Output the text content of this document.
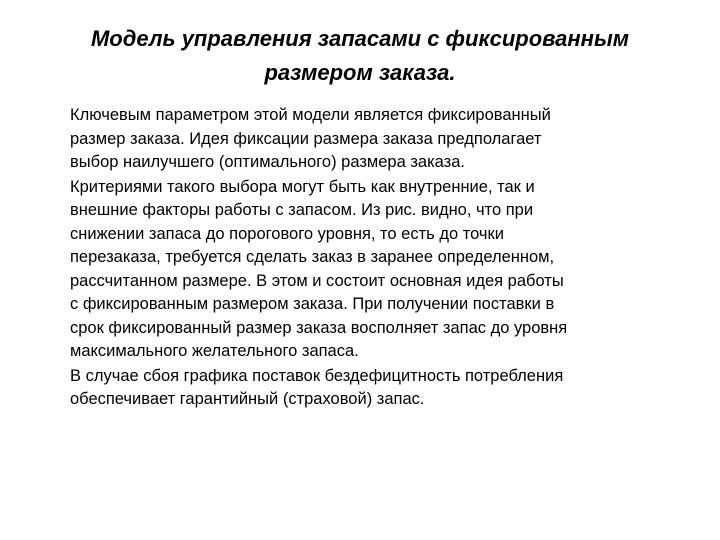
Модель управления запасами с фиксированным
размером заказа.
Ключевым параметром этой модели является фиксированный
размер заказа. Идея фиксации размера заказа предполагает
выбор наилучшего (оптимального) размера заказа.
Критериями такого выбора могут быть как внутренние, так и
внешние факторы работы с запасом. Из рис. видно, что при
снижении запаса до порогового уровня, то есть до точки
перезаказа, требуется сделать заказ в заранее определенном,
рассчитанном размере. В этом и состоит основная идея работы
с фиксированным размером заказа. При получении поставки в
срок фиксированный размер заказа восполняет запас до уровня
максимального желательного запаса.
В случае сбоя графика поставок бездефицитность потребления
обеспечивает гарантийный (страховой) запас.
